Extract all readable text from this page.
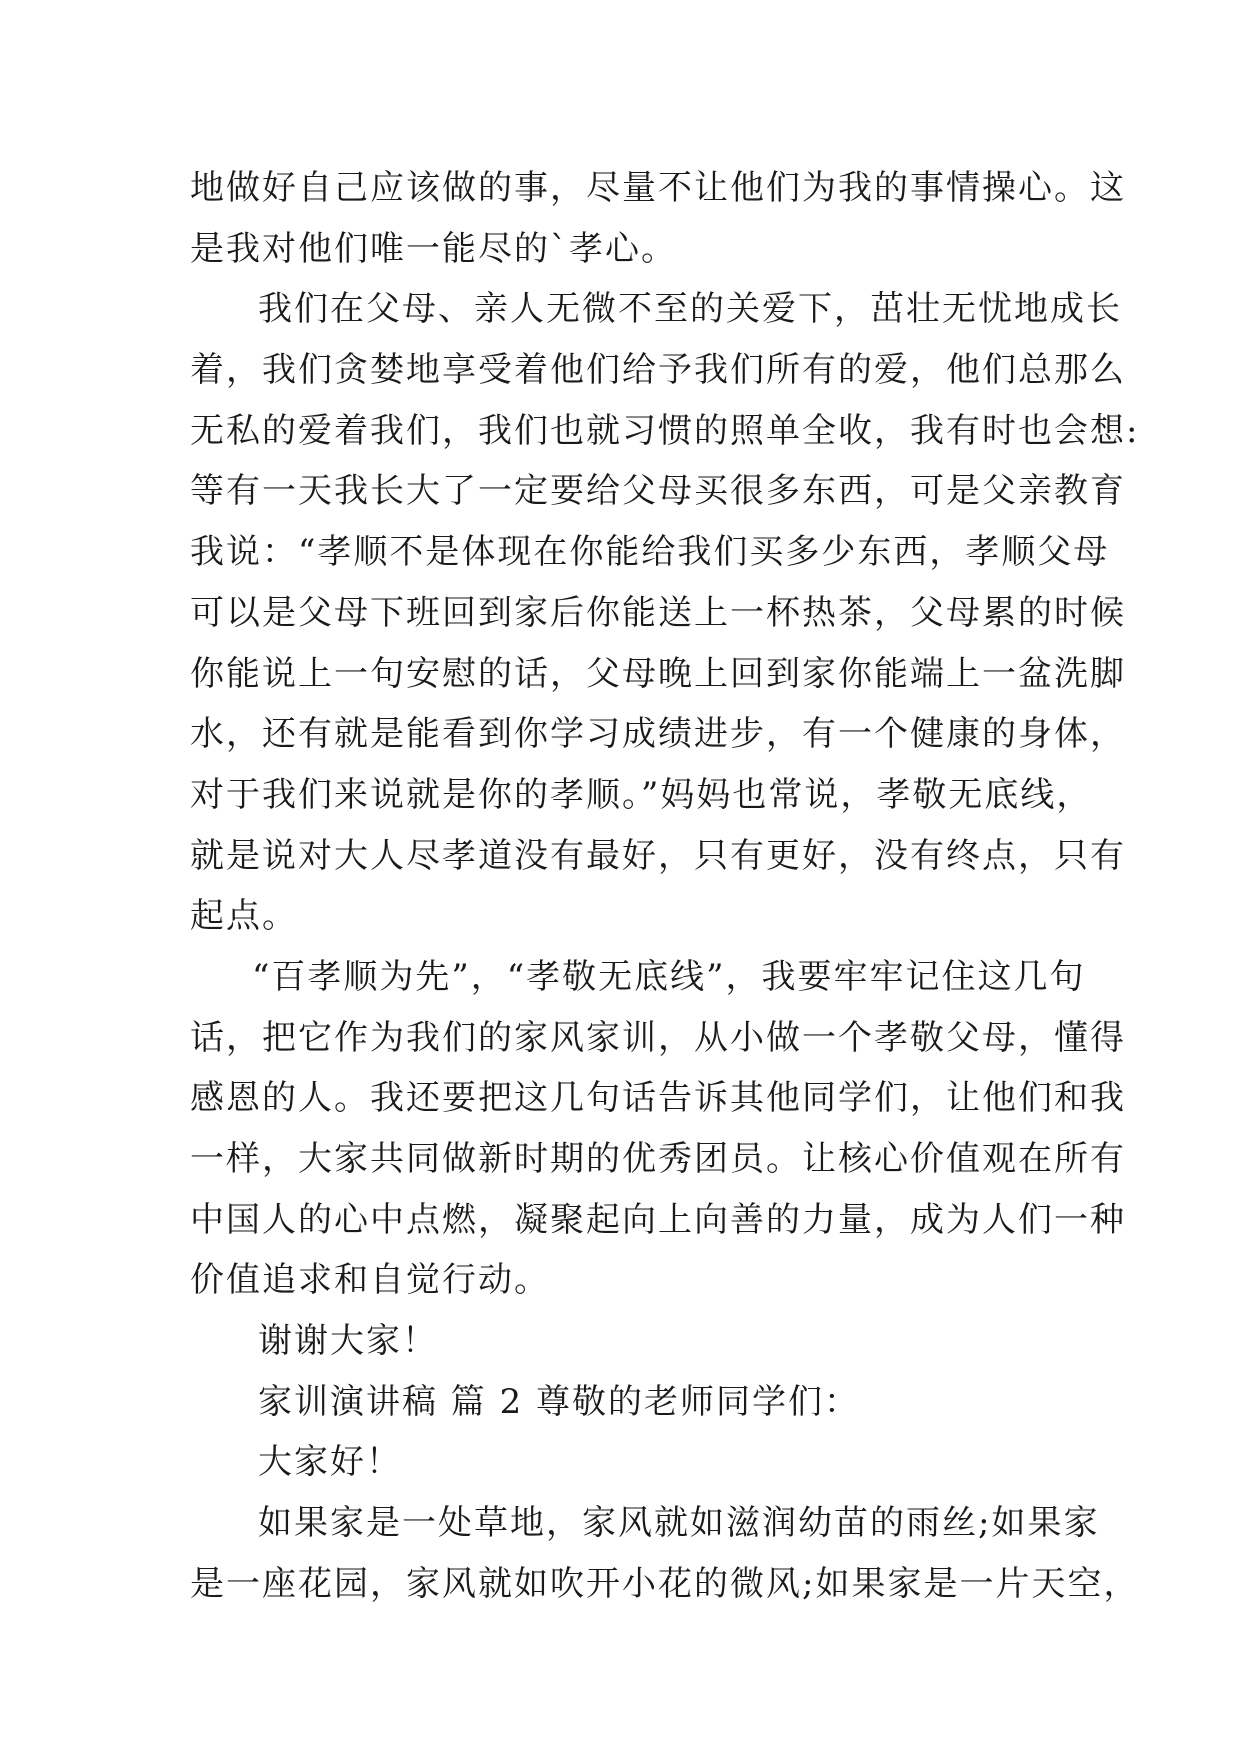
地做好自己应该做的事，尽量不让他们为我的事情操心。这
是我对他们唯一能尽的`孝心。
我们在父母、亲人无微不至的关爱下，茁壮无忧地成长
着，我们贪婪地享受着他们给予我们所有的爱，他们总那么
无私的爱着我们，我们也就习惯的照单全收，我有时也会想:
等有一天我长大了一定要给父母买很多东西，可是父亲教育
我说：“孝顺不是体现在你能给我们买多少东西，孝顺父母
可以是父母下班回到家后你能送上一杯热茶，父母累的时候
你能说上一句安慰的话，父母晚上回到家你能端上一盆洗脚
水，还有就是能看到你学习成绩进步，有一个健康的身体，
对于我们来说就是你的孝顺。”妈妈也常说，孝敬无底线，
就是说对大人尽孝道没有最好，只有更好，没有终点，只有
起点。
“百孝顺为先”，“孝敬无底线”，我要牢牢记住这几句
话，把它作为我们的家风家训，从小做一个孝敬父母，懂得
感恩的人。我还要把这几句话告诉其他同学们，让他们和我
一样，大家共同做新时期的优秀团员。让核心价值观在所有
中国人的心中点燃，凝聚起向上向善的力量，成为人们一种
价值追求和自觉行动。
谢谢大家！
家训演讲稿 篇 2 尊敬的老师同学们：
大家好！
如果家是一处草地，家风就如滋润幼苗的雨丝;如果家
是一座花园，家风就如吹开小花的微风;如果家是一片天空，
